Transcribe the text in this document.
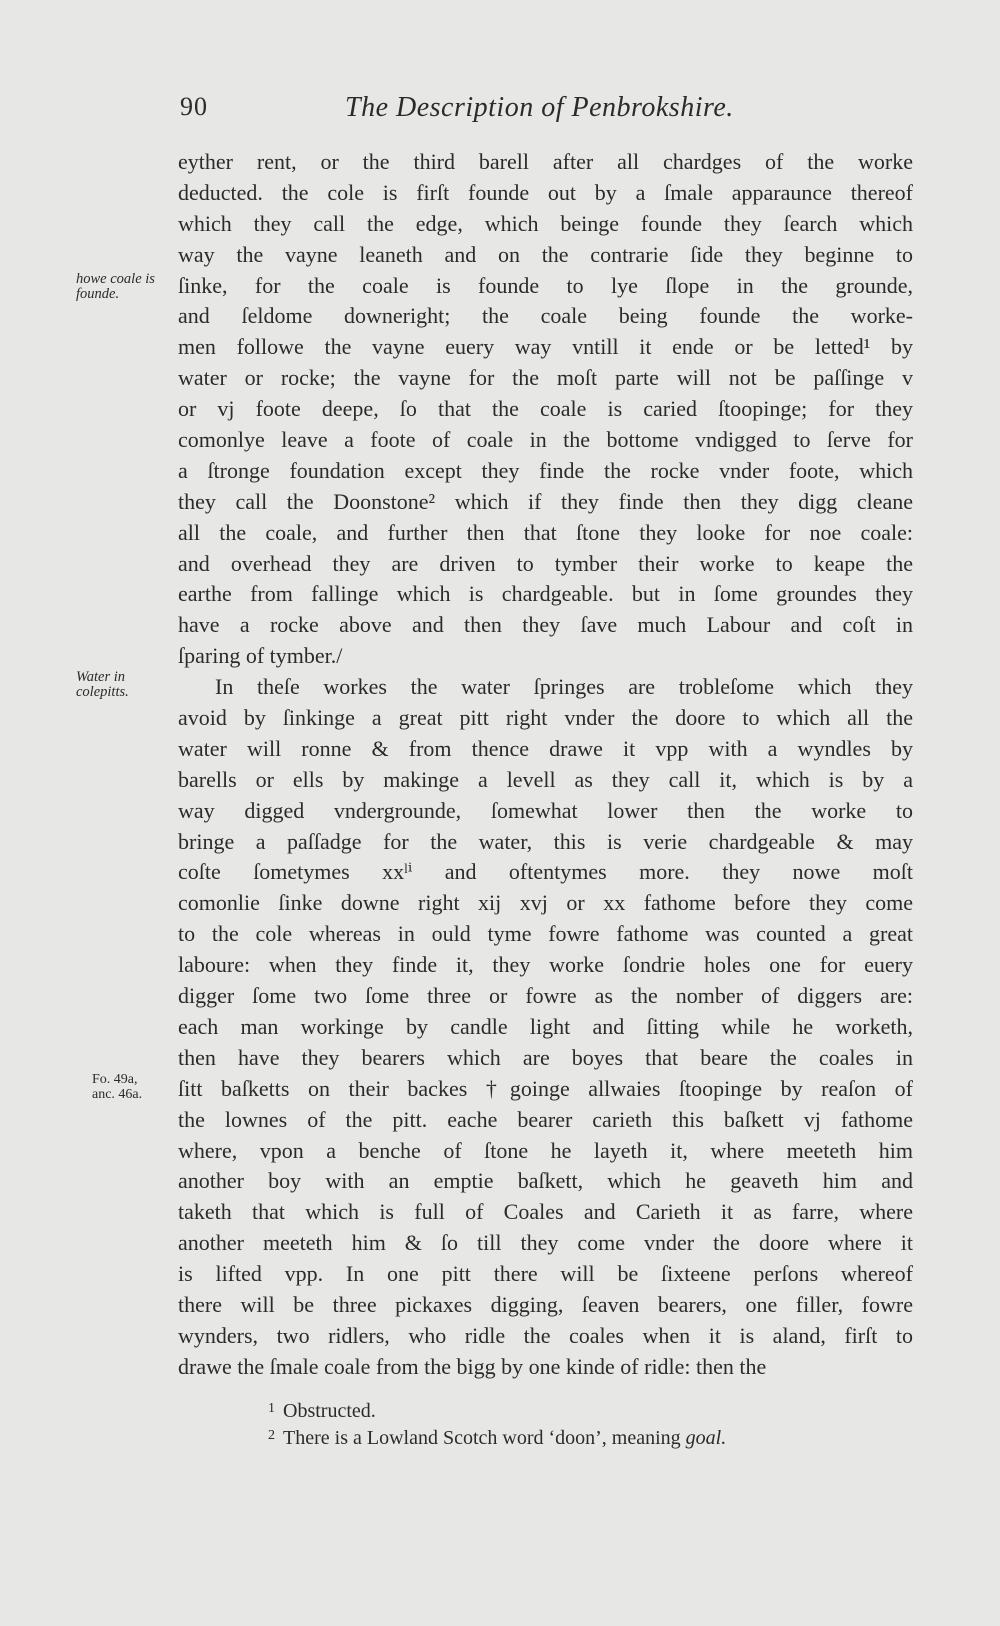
90	The Description of Penbrokshire.
howe coale is founde.
Water in colepitts.
Fo. 49a, anc. 46a.
eyther rent, or the third barell after all chardges of the worke
deducted. the cole is firſt founde out by a ſmale apparaunce thereof
which they call the edge, which beinge founde they ſearch which
way the vayne leaneth and on the contrarie ſide they beginne to
ſinke, for the coale is founde to lye ſlope in the grounde,
and ſeldome downeright; the coale being founde the worke-
men followe the vayne euery way vntill it ende or be letted¹ by
water or rocke; the vayne for the moſt parte will not be paſſinge v
or vj foote deepe, ſo that the coale is caried ſtoopinge; for they
comonlye leave a foote of coale in the bottome vndigged to ſerve for
a ſtronge foundation except they finde the rocke vnder foote, which
they call the Doonstone² which if they finde then they digg cleane
all the coale, and further then that ſtone they looke for noe coale:
and overhead they are driven to tymber their worke to keape the
earthe from fallinge which is chardgeable. but in ſome groundes they
have a rocke above and then they ſave much Labour and coſt in
ſparing of tymber./
In theſe workes the water ſpringes are trobleſome which they
avoid by ſinkinge a great pitt right vnder the doore to which all the
water will ronne & from thence drawe it vpp with a wyndles by
barells or ells by makinge a levell as they call it, which is by a
way digged vndergrounde, ſomewhat lower then the worke to
bringe a paſſadge for the water, this is verie chardgeable & may
coſte ſometymes xxˡⁱ and oftentymes more. they nowe moſt
comonlie ſinke downe right xij xvj or xx fathome before they come
to the cole whereas in ould tyme fowre fathome was counted a great
laboure: when they finde it, they worke ſondrie holes one for euery
digger ſome two ſome three or fowre as the nomber of diggers are:
each man workinge by candle light and ſitting while he worketh,
then have they bearers which are boyes that beare the coales in
ſitt baſketts on their backes †goinge allwaies ſtoopinge by reaſon of
the lownes of the pitt. eache bearer carieth this baſkett vj fathome
where, vpon a benche of ſtone he layeth it, where meeteth him
another boy with an emptie baſkett, which he geaveth him and
taketh that which is full of Coales and Carieth it as farre, where
another meeteth him & ſo till they come vnder the doore where it
is lifted vpp. In one pitt there will be ſixteene perſons whereof
there will be three pickaxes digging, ſeaven bearers, one filler, fowre
wynders, two ridlers, who ridle the coales when it is aland, firſt to
drawe the ſmale coale from the bigg by one kinde of ridle: then the
$^1$ Obstructed.
$^2$ There is a Lowland Scotch word ‘doon’, meaning goal.
